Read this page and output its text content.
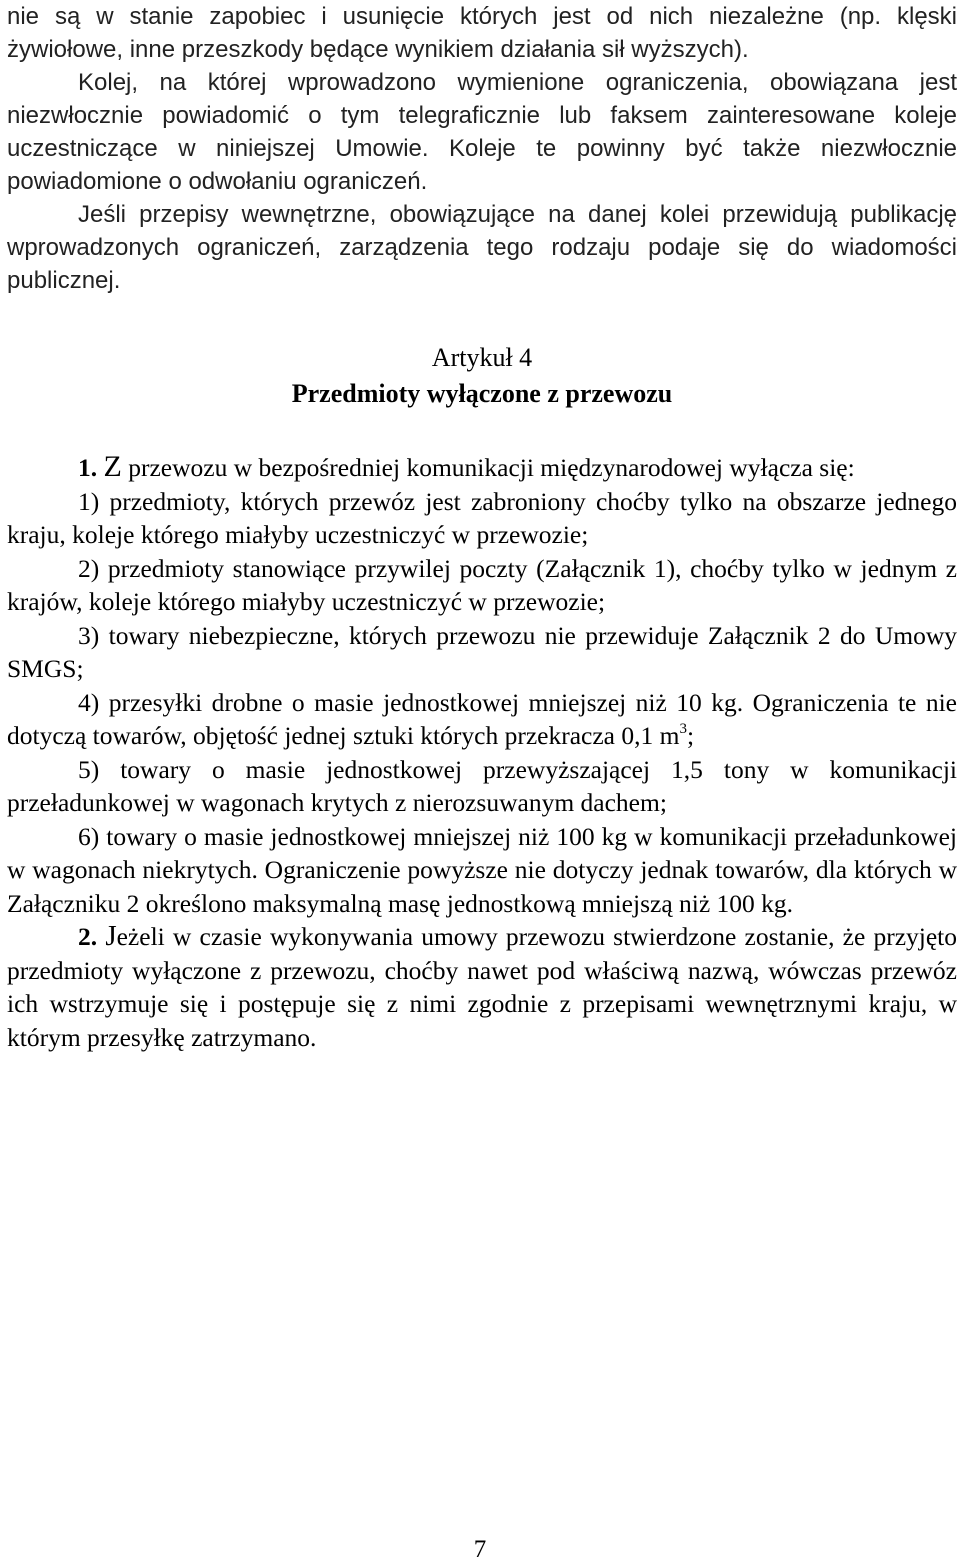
nie są w stanie zapobiec i usunięcie których jest od nich niezależne (np. klęski żywiołowe, inne przeszkody będące wynikiem działania sił wyższych).

Kolej, na której wprowadzono wymienione ograniczenia, obowiązana jest niezwłocznie powiadomić o tym telegraficznie lub faksem zainteresowane koleje uczestniczące w niniejszej Umowie. Koleje te powinny być także niezwłocznie powiadomione o odwołaniu ograniczeń.

Jeśli przepisy wewnętrzne, obowiązujące na danej kolei przewidują publikację wprowadzonych ograniczeń, zarządzenia tego rodzaju podaje się do wiadomości publicznej.

Artykuł 4
Przedmioty wyłączone z przewozu

1. Z przewozu w bezpośredniej komunikacji międzynarodowej wyłącza się:

1) przedmioty, których przewóz jest zabroniony choćby tylko na obszarze jednego kraju, koleje którego miałyby uczestniczyć w przewozie;

2) przedmioty stanowiące przywilej poczty (Załącznik 1), choćby tylko w jednym z krajów, koleje którego miałyby uczestniczyć w przewozie;

3) towary niebezpieczne, których przewozu nie przewiduje Załącznik 2 do Umowy SMGS;

4) przesyłki drobne o masie jednostkowej mniejszej niż 10 kg. Ograniczenia te nie dotyczą towarów, objętość jednej sztuki których przekracza 0,1 $m^3$;

5) towary o masie jednostkowej przewyższającej 1,5 tony w komunikacji przeładunkowej w wagonach krytych z nierozsuwanym dachem;

6) towary o masie jednostkowej mniejszej niż 100 kg w komunikacji przeładunkowej w wagonach niekrytych. Ograniczenie powyższe nie dotyczy jednak towarów, dla których w Załączniku 2 określono maksymalną masę jednostkową mniejszą niż 100 kg.

2. Jeżeli w czasie wykonywania umowy przewozu stwierdzone zostanie, że przyjęto przedmioty wyłączone z przewozu, choćby nawet pod właściwą nazwą, wówczas przewóz ich wstrzymuje się i postępuje się z nimi zgodnie z przepisami wewnętrznymi kraju, w którym przesyłkę zatrzymano.

7
